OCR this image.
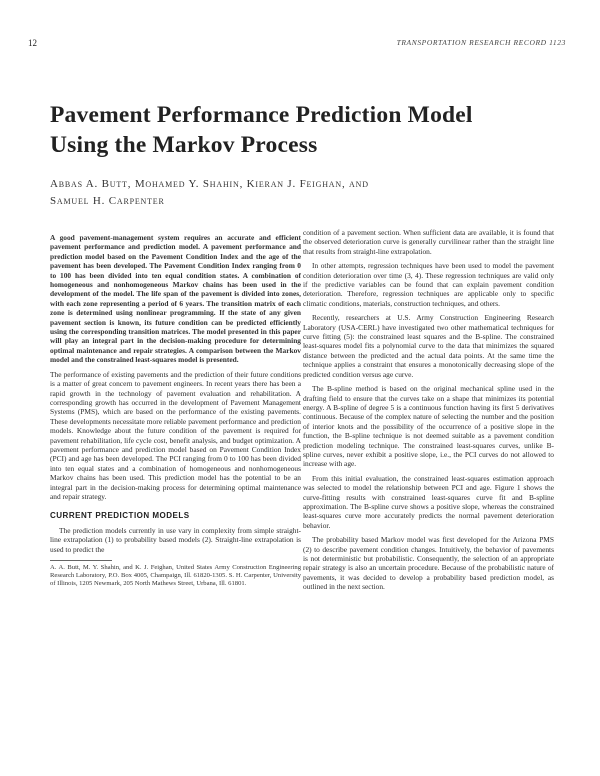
12	TRANSPORTATION RESEARCH RECORD 1123
Pavement Performance Prediction Model
Using the Markov Process
Abbas A. Butt, Mohamed Y. Shahin, Kieran J. Feighan, and
Samuel H. Carpenter

A good pavement-management system requires an accurate and efficient pavement performance and prediction model. A pavement performance and prediction model based on the Pavement Condition Index and the age of the pavement has been developed. The Pavement Condition Index ranging from 0 to 100 has been divided into ten equal condition states. A combination of homogeneous and nonhomogeneous Markov chains has been used in the development of the model. The life span of the pavement is divided into zones, with each zone representing a period of 6 years. The transition matrix of each zone is determined using nonlinear programming. If the state of any given pavement section is known, its future condition can be predicted efficiently using the corresponding transition matrices. The model presented in this paper will play an integral part in the decision-making procedure for determining optimal maintenance and repair strategies. A comparison between the Markov model and the constrained least-squares model is presented.

The performance of existing pavements and the prediction of their future conditions is a matter of great concern to pavement engineers. In recent years there has been a rapid growth in the technology of pavement evaluation and rehabilitation. A corresponding growth has occurred in the development of Pavement Management Systems (PMS), which are based on the performance of the existing pavements. These developments necessitate more reliable pavement performance and prediction models. Knowledge about the future condition of the pavement is required for pavement rehabilitation, life cycle cost, benefit analysis, and budget optimization. A pavement performance and prediction model based on Pavement Condition Index (PCI) and age has been developed. The PCI ranging from 0 to 100 has been divided into ten equal states and a combination of homogeneous and nonhomogeneous Markov chains has been used. This prediction model has the potential to be an integral part in the decision-making process for determining optimal maintenance and repair strategy.

CURRENT PREDICTION MODELS

The prediction models currently in use vary in complexity from simple straight-line extrapolation (1) to probability based models (2). Straight-line extrapolation is used to predict the

A. A. Butt, M. Y. Shahin, and K. J. Feighan, United States Army Construction Engineering Research Laboratory, P.O. Box 4005, Champaign, Ill. 61820-1305. S. H. Carpenter, University of Illinois, 1205 Newmark, 205 North Mathews Street, Urbana, Ill. 61801.

condition of a pavement section. When sufficient data are available, it is found that the observed deterioration curve is generally curvilinear rather than the straight line that results from straight-line extrapolation.

In other attempts, regression techniques have been used to model the pavement condition deterioration over time (3, 4). These regression techniques are valid only if the predictive variables can be found that can explain pavement condition deterioration. Therefore, regression techniques are applicable only to specific climatic conditions, materials, construction techniques, and others.

Recently, researchers at U.S. Army Construction Engineering Research Laboratory (USA-CERL) have investigated two other mathematical techniques for curve fitting (5): the constrained least squares and the B-spline. The constrained least-squares model fits a polynomial curve to the data that minimizes the squared distance between the predicted and the actual data points. At the same time the technique applies a constraint that ensures a monotonically decreasing slope of the predicted condition versus age curve.

The B-spline method is based on the original mechanical spline used in the drafting field to ensure that the curves take on a shape that minimizes its potential energy. A B-spline of degree 5 is a continuous function having its first 5 derivatives continuous. Because of the complex nature of selecting the number and the position of interior knots and the possibility of the occurrence of a positive slope in the function, the B-spline technique is not deemed suitable as a pavement condition prediction modeling technique. The constrained least-squares curves, unlike B-spline curves, never exhibit a positive slope, i.e., the PCI curves do not allowed to increase with age.

From this initial evaluation, the constrained least-squares estimation approach was selected to model the relationship between PCI and age. Figure 1 shows the curve-fitting results with constrained least-squares curve fit and B-spline approximation. The B-spline curve shows a positive slope, whereas the constrained least-squares curve more accurately predicts the normal pavement deterioration behavior.

The probability based Markov model was first developed for the Arizona PMS (2) to describe pavement condition changes. Intuitively, the behavior of pavements is not deterministic but probabilistic. Consequently, the selection of an appropriate repair strategy is also an uncertain procedure. Because of the probabilistic nature of pavements, it was decided to develop a probability based prediction model, as outlined in the next section.
